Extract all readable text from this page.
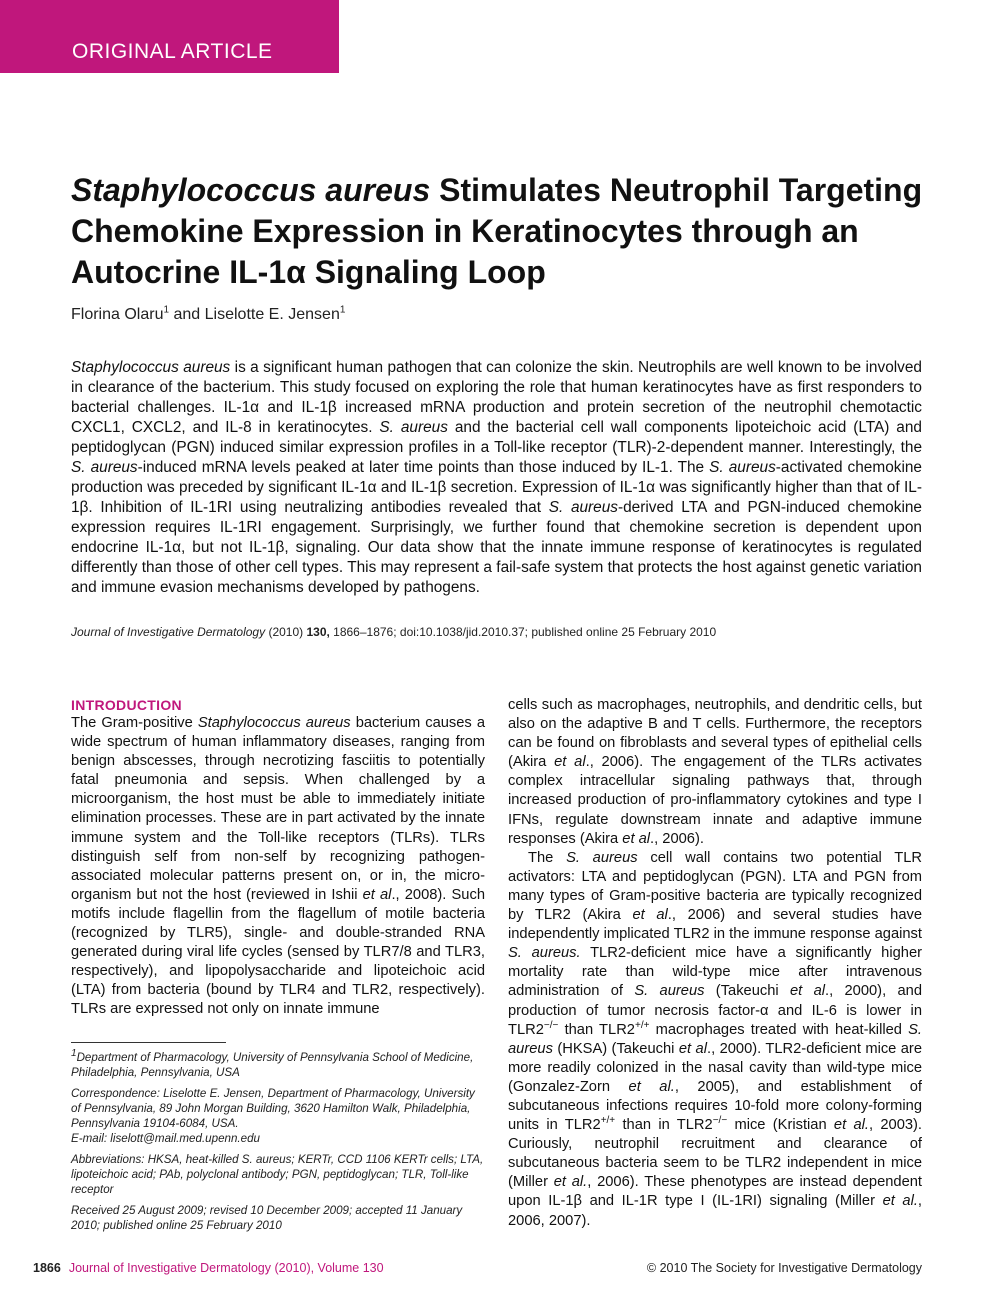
ORIGINAL ARTICLE
Staphylococcus aureus Stimulates Neutrophil Targeting Chemokine Expression in Keratinocytes through an Autocrine IL-1α Signaling Loop
Florina Olaru$^1$ and Liselotte E. Jensen$^1$
Staphylococcus aureus is a significant human pathogen that can colonize the skin. Neutrophils are well known to be involved in clearance of the bacterium. This study focused on exploring the role that human keratinocytes have as first responders to bacterial challenges. IL-1α and IL-1β increased mRNA production and protein secretion of the neutrophil chemotactic CXCL1, CXCL2, and IL-8 in keratinocytes. S. aureus and the bacterial cell wall components lipoteichoic acid (LTA) and peptidoglycan (PGN) induced similar expression profiles in a Toll-like receptor (TLR)-2-dependent manner. Interestingly, the S. aureus-induced mRNA levels peaked at later time points than those induced by IL-1. The S. aureus-activated chemokine production was preceded by significant IL-1α and IL-1β secretion. Expression of IL-1α was significantly higher than that of IL-1β. Inhibition of IL-1RI using neutralizing antibodies revealed that S. aureus-derived LTA and PGN-induced chemokine expression requires IL-1RI engagement. Surprisingly, we further found that chemokine secretion is dependent upon endocrine IL-1α, but not IL-1β, signaling. Our data show that the innate immune response of keratinocytes is regulated differently than those of other cell types. This may represent a fail-safe system that protects the host against genetic variation and immune evasion mechanisms developed by pathogens.
Journal of Investigative Dermatology (2010) 130, 1866–1876; doi:10.1038/jid.2010.37; published online 25 February 2010

INTRODUCTION

The Gram-positive Staphylococcus aureus bacterium causes a wide spectrum of human inflammatory diseases, ranging from benign abscesses, through necrotizing fasciitis to potentially fatal pneumonia and sepsis. When challenged by a microorganism, the host must be able to immediately initiate elimination processes. These are in part activated by the innate immune system and the Toll-like receptors (TLRs). TLRs distinguish self from non-self by recognizing pathogen-associated molecular patterns present on, or in, the micro-organism but not the host (reviewed in Ishii et al., 2008). Such motifs include flagellin from the flagellum of motile bacteria (recognized by TLR5), single- and double-stranded RNA generated during viral life cycles (sensed by TLR7/8 and TLR3, respectively), and lipopolysaccharide and lipoteichoic acid (LTA) from bacteria (bound by TLR4 and TLR2, respectively). TLRs are expressed not only on innate immune

cells such as macrophages, neutrophils, and dendritic cells, but also on the adaptive B and T cells. Furthermore, the receptors can be found on fibroblasts and several types of epithelial cells (Akira et al., 2006). The engagement of the TLRs activates complex intracellular signaling pathways that, through increased production of pro-inflammatory cytokines and type I IFNs, regulate downstream innate and adaptive immune responses (Akira et al., 2006).

The S. aureus cell wall contains two potential TLR activators: LTA and peptidoglycan (PGN). LTA and PGN from many types of Gram-positive bacteria are typically recognized by TLR2 (Akira et al., 2006) and several studies have independently implicated TLR2 in the immune response against S. aureus. TLR2-deficient mice have a significantly higher mortality rate than wild-type mice after intravenous administration of S. aureus (Takeuchi et al., 2000), and production of tumor necrosis factor-α and IL-6 is lower in TLR2−/− than TLR2+/+ macrophages treated with heat-killed S. aureus (HKSA) (Takeuchi et al., 2000). TLR2-deficient mice are more readily colonized in the nasal cavity than wild-type mice (Gonzalez-Zorn et al., 2005), and establishment of subcutaneous infections requires 10-fold more colony-forming units in TLR2+/+ than in TLR2−/− mice (Kristian et al., 2003). Curiously, neutrophil recruitment and clearance of subcutaneous bacteria seem to be TLR2 independent in mice (Miller et al., 2006). These phenotypes are instead dependent upon IL-1β and IL-1R type I (IL-1RI) signaling (Miller et al., 2006, 2007).

$^1$Department of Pharmacology, University of Pennsylvania School of Medicine, Philadelphia, Pennsylvania, USA

Correspondence: Liselotte E. Jensen, Department of Pharmacology, University of Pennsylvania, 89 John Morgan Building, 3620 Hamilton Walk, Philadelphia, Pennsylvania 19104-6084, USA.
E-mail: liselott@mail.med.upenn.edu

Abbreviations: HKSA, heat-killed S. aureus; KERTr, CCD 1106 KERTr cells; LTA, lipoteichoic acid; PAb, polyclonal antibody; PGN, peptidoglycan; TLR, Toll-like receptor

Received 25 August 2009; revised 10 December 2009; accepted 11 January 2010; published online 25 February 2010

1866 Journal of Investigative Dermatology (2010), Volume 130	© 2010 The Society for Investigative Dermatology
